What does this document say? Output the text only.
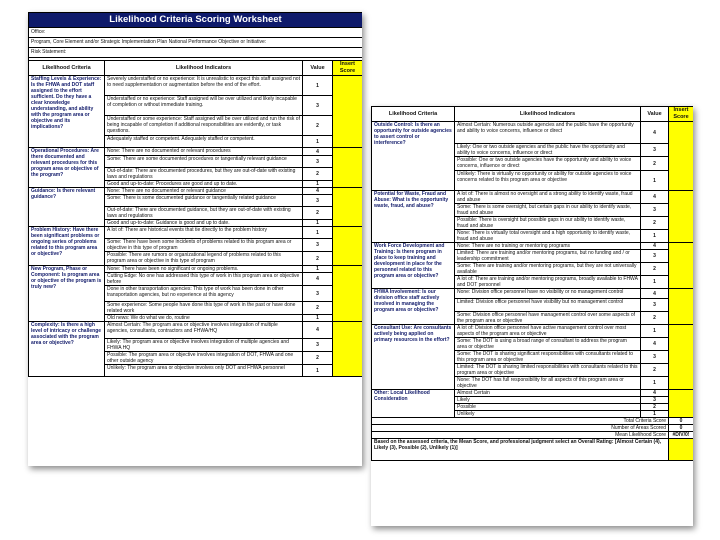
Likelihood Criteria Scoring Worksheet			
Office:			
Program, Core Element and/or Strategic Implementation Plan National Performance Objective or Initiative:			
Risk Statement:			

Likelihood Criteria	Likelihood Indicators	Value	Insert Score
Staffing Levels & Experience: Is the FHWA and DOT staff assigned to the effort sufficient. Do they have a clear knowledge understanding, and ability with the program area or objective and its implications?	Severely understaffed or no experience: It is unrealistic to expect this staff assigned not to need supplementation or augmentation before the end of the effort.	1	
	Understaffed or no experience: Staff assigned will be over utilized and likely incapable of completion or without immediate training.	3	
	Understaffed or some experience: Staff assigned will be over utilized and run the risk of being incapable of completion if additional responsibilities are evidently, or task questions.	2	
	Adequately staffed or competent. Adequately staffed or competent.	1	
Operational Procedures: Are there documented and relevant procedures for this program area or objective of the program?	None: There are no documented or relevant procedures	4	
	Some: There are some documented procedures or tangentially relevant guidance	3	
	Out-of-date: There are documented procedures, but they are out-of-date with existing laws and regulations	2	
	Good and up-to-date: Procedures are good and up to date.	1	
Guidance: Is there relevant guidance?	None: There are no documented or relevant guidance	4	
	Some: There is some documented guidance or tangentially related guidance	3	
	Out-of-date: There are documented guidance, but they are out-of-date with existing laws and regulations	2	
	Good and up-to-date: Guidance is good and up to date.	1	
Problem History: Have there been significant problems or ongoing series of problems related to this program area or objective?	A lot of: There are historical events that tie directly to the problem history	1	
	Some: There have been some incidents of problems related to this program area or objective in this type of program	3	
	Possible: There are rumors or organizational legend of problems related to this program area or objective in this type of program	2	
New Program, Phase or Component: Is program area or objective of the program is truly new?	None: There have been no significant or ongoing problems.	1	
	Cutting Edge: No one has addressed this type of work in this program area or objective before	4	
	Done in other transportation agencies: This type of work has been done in other transportation agencies, but no experience at this agency	3	
	Some experience: Some people have done this type of work in the past or have done related work	2	
	Old news: We do what we do, routine	1	
Complexity: Is there a high level of intricacy or challenge associated with the program area or objective?	Almost Certain: The program area or objective involves integration of multiple agencies, consultants, contractors and FHWA/HQ	4	
	Likely: The program area or objective involves integration of multiple agencies and FHWA HQ	3	
	Possible: The program area or objective involves integration of DOT, FHWA and one other outside agency	2	
	Unlikely: The program area or objective involves only DOT and FHWA personnel	1	
Likelihood Criteria	Likelihood Indicators	Value	Insert Score
Outside Control: Is there an opportunity for outside agencies to assert control or interference?	Almost Certain: Numerous outside agencies and the public have the opportunity and ability to voice concerns, influence or direct	4	
	Likely: One or two outside agencies and the public have the opportunity and ability to voice concerns, influence or direct	3	
	Possible: One or two outside agencies have the opportunity and ability to voice concerns, influence or direct	2	
	Unlikely: There is virtually no opportunity or ability for outside agencies to voice concerns related to this program area or objective	1	
Potential for Waste, Fraud and Abuse: What is the opportunity waste, fraud, and abuse?	A lot of: There is almost no oversight and a strong ability to identify waste, fraud and abuse	4	
	Some: There is some oversight, but certain gaps in our ability to identify waste, fraud and abuse	3	
	Possible: There is oversight but possible gaps in our ability to identify waste, fraud and abuse	2	
	None: There is virtually total oversight and a high opportunity to identify waste, fraud and abuse	1	
Work Force Development and Training: Is there program in place to keep training and development in place for the personnel related to this program area or objective?	None: There are no training or mentoring programs	4	
	Limited: There are training and/or mentoring programs, but no funding and / or leadership commitment	3	
	Some: There are training and/or mentoring programs, but they are not universally available	2	
	A lot of: There are training and/or mentoring programs, broadly available to FHWA and DOT personnel	1	
FHWA Involvement: Is our division office staff actively involved in managing the program area or objective?	None: Division office personnel have no visibility or no management control	4	
	Limited: Division office personnel have visibility but no management control	3	
	Some: Division office personnel have management control over some aspects of the program area or objective	2	
Consultant Use: Are consultants actively being applied on primary resources in the effort?	A lot of: Division office personnel have active management control over most aspects of the program area or objective	1	
	Some: The DOT is using a broad range of consultant to address the program area or objective	4	
	Some: The DOT is sharing significant responsibilities with consultants related to this program area or objective	3	
	Limited: The DOT is sharing limited responsibilities with consultants related to this program area or objective	2	
	None: The DOT has full responsibility for all aspects of this program area or objective	1	
Other: Local Likelihood Consideration	Almost Certain	4	
	Likely	3	
	Possible	2	
	Unlikely	1	
Total Criteria Score			0
Number of Areas Scored			0
Mean Likelihood Score			#DIV/0!
Based on the assessed criteria, the Mean Score, and professional judgment select an Overall Rating: [Almost Certain (4), Likely (3), Possible (2), Unlikely (1)]			
